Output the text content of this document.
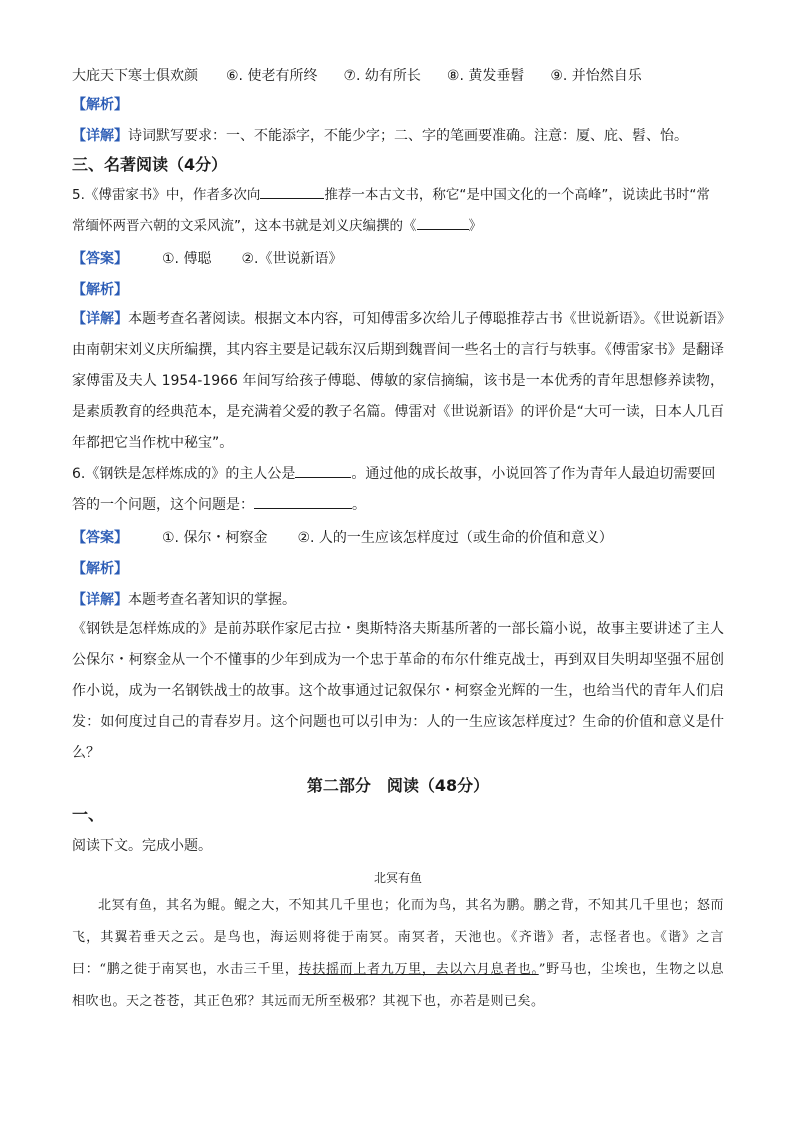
大庇天下寒士俱欢颜 ⑥. 使老有所终 ⑦. 幼有所长 ⑧. 黄发垂髫 ⑨. 并怡然自乐
【解析】
【详解】 诗词默写要求：一、不能添字，不能少字；二、字的笔画要准确。注意：厦、庇、髫、怡。

三、名著阅读（4分）

5.《傅雷家书》中，作者多次向	推荐一本古文书，称它“是中国文化的一个高峰”，说读此书时“常
常缅怀两晋六朝的文采风流”，这本书就是刘义庆编撰的《	》

【答案】 ①. 傅聪 ②.《世说新语》
【解析】

【详解】本题考查名著阅读。根据文本内容，可知傅雷多次给儿子傅聪推荐古书《世说新语》。《世说新语》由南朝宋刘义庆所编撰，其内容主要是记载东汉后期到魏晋间一些名士的言行与轶事。《傅雷家书》是翻译家傅雷及夫人 1954-1966 年间写给孩子傅聪、傅敏的家信摘编，该书是一本优秀的青年思想修养读物，是素质教育的经典范本，是充满着父爱的教子名篇。傅雷对《世说新语》的评价是“大可一读，日本人几百年都把它当作枕中秘宝”。

6.《钢铁是怎样炼成的》的主人公是	。通过他的成长故事，小说回答了作为青年人最迫切需要回
答的一个问题，这个问题是：	。

【答案】 ①. 保尔・柯察金 ②. 人的一生应该怎样度过（或生命的价值和意义）
【解析】
【详解】 本题考查名著知识的掌握。

《钢铁是怎样炼成的》是前苏联作家尼古拉・奥斯特洛夫斯基所著的一部长篇小说，故事主要讲述了主人公保尔・柯察金从一个不懂事的少年到成为一个忠于革命的布尔什维克战士，再到双目失明却坚强不屈创作小说，成为一名钢铁战士的故事。这个故事通过记叙保尔・柯察金光辉的一生，也给当代的青年人们启发：如何度过自己的青春岁月。这个问题也可以引申为：人的一生应该怎样度过？生命的价值和意义是什么？

第二部分　阅读（48分）

一、

阅读下文。完成小题。
北冥有鱼

北冥有鱼，其名为鲲。鲲之大，不知其几千里也；化而为鸟，其名为鹏。鹏之背，不知其几千里也；怒而飞，其翼若垂天之云。是鸟也，海运则将徙于南冥。南冥者，天池也。《齐谐》者，志怪者也。《谐》之言曰：“鹏之徙于南冥也，水击三千里，抟扶摇而上者九万里，去以六月息者也。”野马也，尘埃也，生物之以息相吹也。天之苍苍，其正色邪？其远而无所至极邪？其视下也，亦若是则已矣。
